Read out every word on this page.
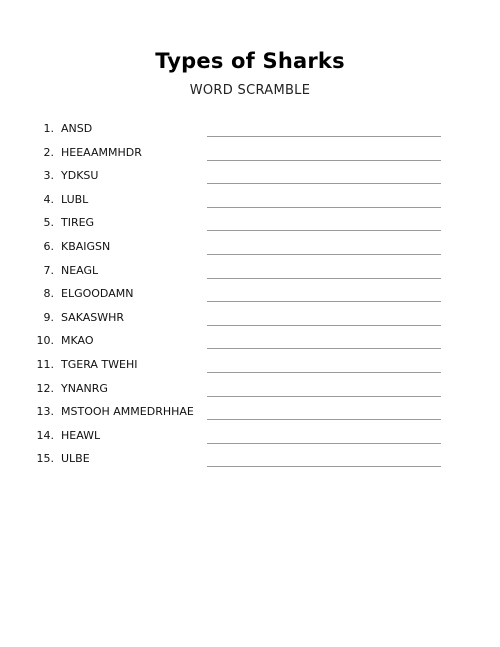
Types of Sharks
WORD SCRAMBLE
1. ANSD
2. HEEAAMMHDR
3. YDKSU
4. LUBL
5. TIREG
6. KBAIGSN
7. NEAGL
8. ELGOODAMN
9. SAKASWHR
10. MKAO
11. TGERA TWEHI
12. YNANRG
13. MSTOOH AMMEDRHHAE
14. HEAWL
15. ULBE
